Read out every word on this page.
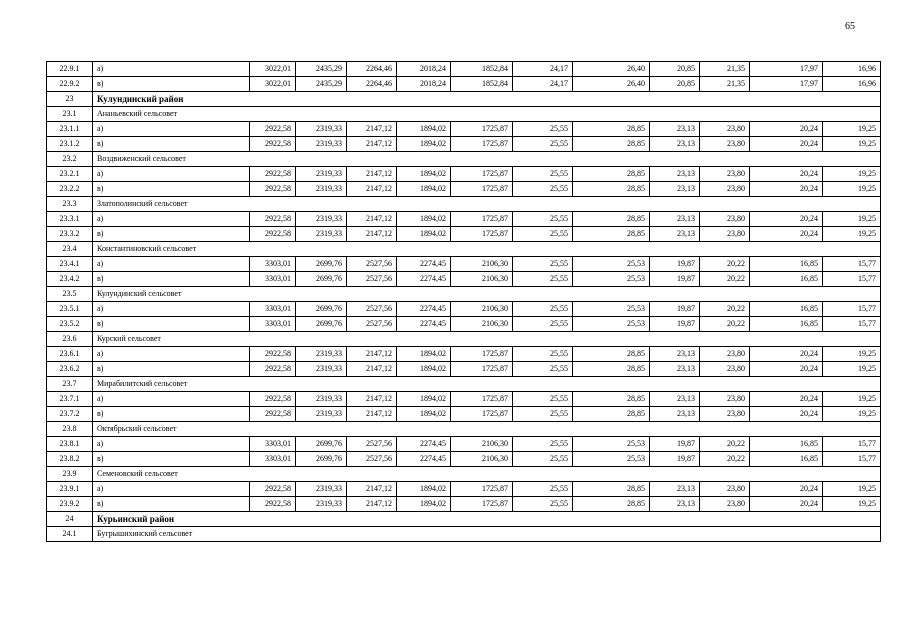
65
22.9.1	а)	3022,01	2435,29	2264,46	2018,24	1852,84	24,17	26,40	20,85	21,35	17,97	16,96
22.9.2	в)	3022,01	2435,29	2264,46	2018,24	1852,84	24,17	26,40	20,85	21,35	17,97	16,96
23	Кулундинский район											
23.1	Ананьевский сельсовет											
23.1.1	а)	2922,58	2319,33	2147,12	1894,02	1725,87	25,55	28,85	23,13	23,80	20,24	19,25
23.1.2	в)	2922,58	2319,33	2147,12	1894,02	1725,87	25,55	28,85	23,13	23,80	20,24	19,25
23.2	Воздвиженский сельсовет											
23.2.1	а)	2922,58	2319,33	2147,12	1894,02	1725,87	25,55	28,85	23,13	23,80	20,24	19,25
23.2.2	в)	2922,58	2319,33	2147,12	1894,02	1725,87	25,55	28,85	23,13	23,80	20,24	19,25
23.3	Златополинский сельсовет											
23.3.1	а)	2922,58	2319,33	2147,12	1894,02	1725,87	25,55	28,85	23,13	23,80	20,24	19,25
23.3.2	в)	2922,58	2319,33	2147,12	1894,02	1725,87	25,55	28,85	23,13	23,80	20,24	19,25
23.4	Константиновский сельсовет											
23.4.1	а)	3303,01	2699,76	2527,56	2274,45	2106,30	25,55	25,53	19,87	20,22	16,85	15,77
23.4.2	в)	3303,01	2699,76	2527,56	2274,45	2106,30	25,55	25,53	19,87	20,22	16,85	15,77
23.5	Кулундинский сельсовет											
23.5.1	а)	3303,01	2699,76	2527,56	2274,45	2106,30	25,55	25,53	19,87	20,22	16,85	15,77
23.5.2	в)	3303,01	2699,76	2527,56	2274,45	2106,30	25,55	25,53	19,87	20,22	16,85	15,77
23.6	Курский сельсовет											
23.6.1	а)	2922,58	2319,33	2147,12	1894,02	1725,87	25,55	28,85	23,13	23,80	20,24	19,25
23.6.2	в)	2922,58	2319,33	2147,12	1894,02	1725,87	25,55	28,85	23,13	23,80	20,24	19,25
23.7	Мирабилитский сельсовет											
23.7.1	а)	2922,58	2319,33	2147,12	1894,02	1725,87	25,55	28,85	23,13	23,80	20,24	19,25
23.7.2	в)	2922,58	2319,33	2147,12	1894,02	1725,87	25,55	28,85	23,13	23,80	20,24	19,25
23.8	Октябрьский сельсовет											
23.8.1	а)	3303,01	2699,76	2527,56	2274,45	2106,30	25,55	25,53	19,87	20,22	16,85	15,77
23.8.2	в)	3303,01	2699,76	2527,56	2274,45	2106,30	25,55	25,53	19,87	20,22	16,85	15,77
23.9	Семеновский сельсовет											
23.9.1	а)	2922,58	2319,33	2147,12	1894,02	1725,87	25,55	28,85	23,13	23,80	20,24	19,25
23.9.2	в)	2922,58	2319,33	2147,12	1894,02	1725,87	25,55	28,85	23,13	23,80	20,24	19,25
24	Курьинский район											
24.1	Бугрышихинский сельсовет											
